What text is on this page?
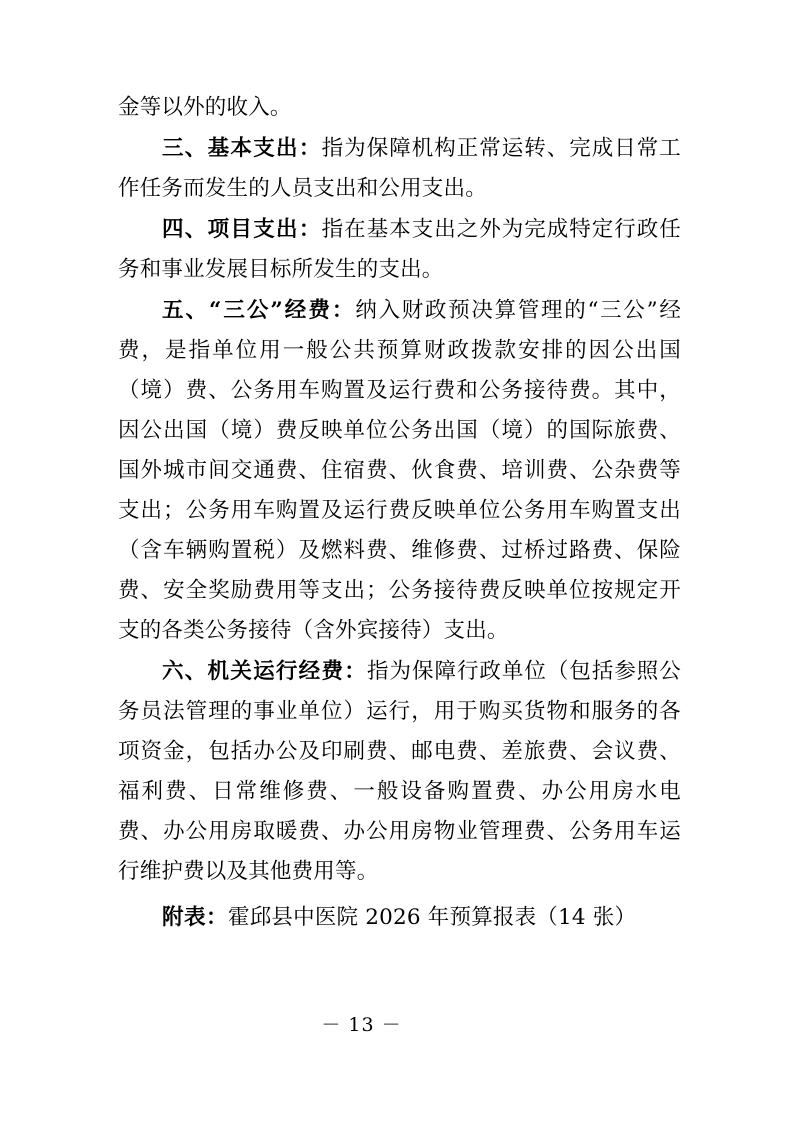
金等以外的收入。

三、基本支出：指为保障机构正常运转、完成日常工作任务而发生的人员支出和公用支出。

四、项目支出：指在基本支出之外为完成特定行政任务和事业发展目标所发生的支出。

五、“三公”经费：纳入财政预决算管理的“三公”经费，是指单位用一般公共预算财政拨款安排的因公出国（境）费、公务用车购置及运行费和公务接待费。其中，因公出国（境）费反映单位公务出国（境）的国际旅费、国外城市间交通费、住宿费、伙食费、培训费、公杂费等支出；公务用车购置及运行费反映单位公务用车购置支出（含车辆购置税）及燃料费、维修费、过桥过路费、保险费、安全奖励费用等支出；公务接待费反映单位按规定开支的各类公务接待（含外宾接待）支出。

六、机关运行经费：指为保障行政单位（包括参照公务员法管理的事业单位）运行，用于购买货物和服务的各项资金，包括办公及印刷费、邮电费、差旅费、会议费、福利费、日常维修费、一般设备购置费、办公用房水电费、办公用房取暖费、办公用房物业管理费、公务用车运行维护费以及其他费用等。

附表：霍邱县中医院 2026 年预算报表（14 张）

－ 13 －
